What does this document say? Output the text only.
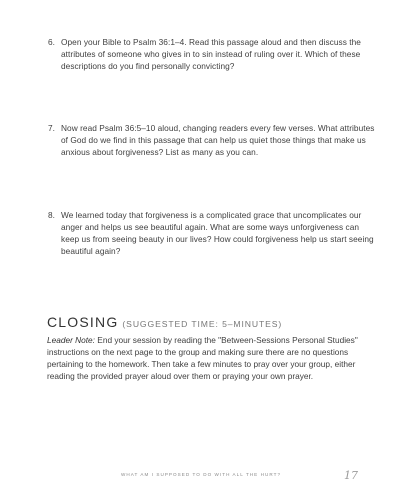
6. Open your Bible to Psalm 36:1–4. Read this passage aloud and then discuss the attributes of someone who gives in to sin instead of ruling over it. Which of these descriptions do you find personally convicting?
7. Now read Psalm 36:5–10 aloud, changing readers every few verses. What attributes of God do we find in this passage that can help us quiet those things that make us anxious about forgiveness? List as many as you can.
8. We learned today that forgiveness is a complicated grace that uncomplicates our anger and helps us see beautiful again. What are some ways unforgiveness can keep us from seeing beauty in our lives? How could forgiveness help us start seeing beautiful again?
CLOSING (SUGGESTED TIME: 5–MINUTES)
Leader Note: End your session by reading the "Between-Sessions Personal Studies" instructions on the next page to the group and making sure there are no questions pertaining to the homework. Then take a few minutes to pray over your group, either reading the provided prayer aloud over them or praying your own prayer.
WHAT AM I SUPPOSED TO DO WITH ALL THE HURT?	17
